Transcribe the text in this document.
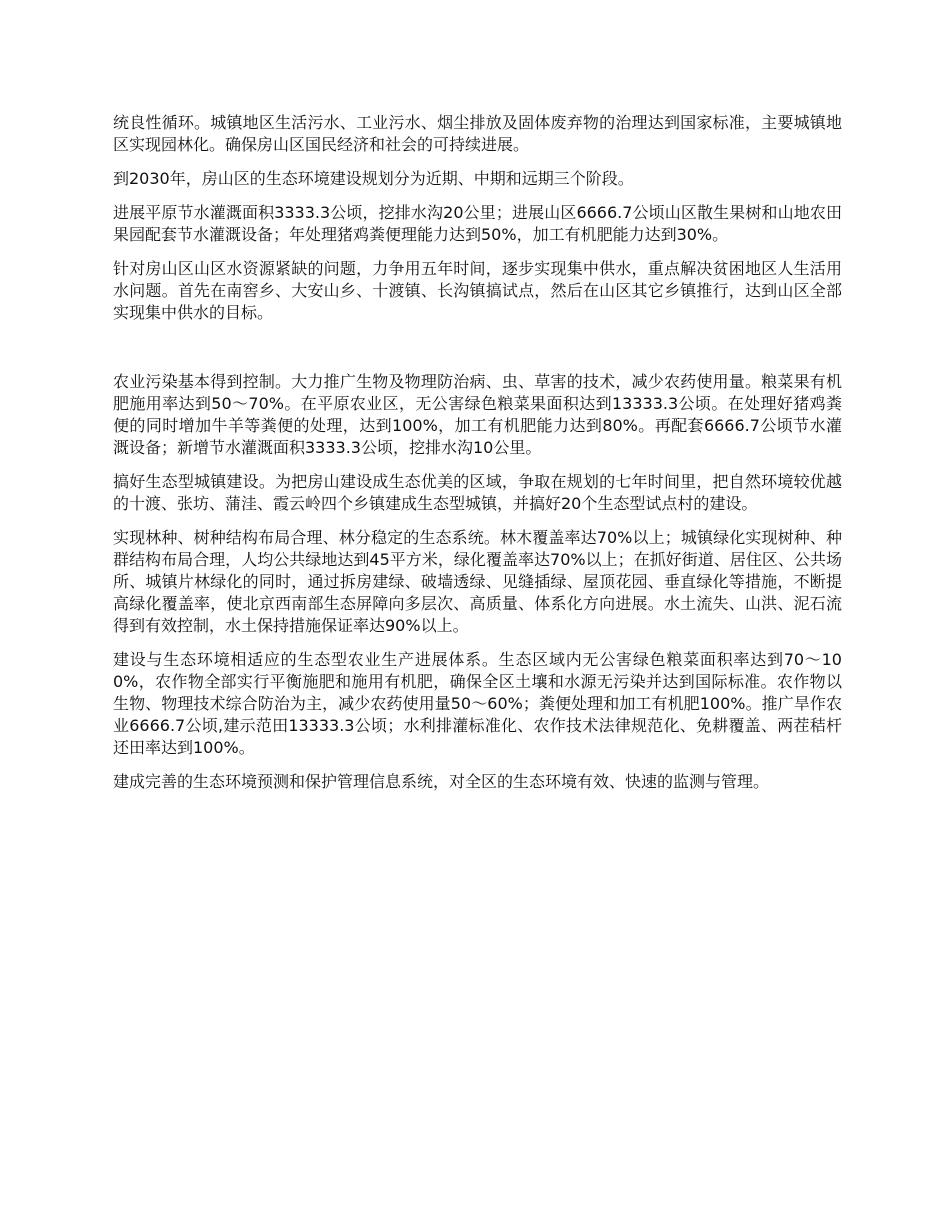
统良性循环。城镇地区生活污水、工业污水、烟尘排放及固体废弃物的治理达到国家标准，主要城镇地区实现园林化。确保房山区国民经济和社会的可持续进展。

到2030年，房山区的生态环境建设规划分为近期、中期和远期三个阶段。

进展平原节水灌溉面积3333.3公顷，挖排水沟20公里；进展山区6666.7公顷山区散生果树和山地农田果园配套节水灌溉设备；年处理猪鸡粪便理能力达到50%，加工有机肥能力达到30%。

针对房山区山区水资源紧缺的问题，力争用五年时间，逐步实现集中供水，重点解决贫困地区人生活用水问题。首先在南窖乡、大安山乡、十渡镇、长沟镇搞试点，然后在山区其它乡镇推行，达到山区全部实现集中供水的目标。

农业污染基本得到控制。大力推广生物及物理防治病、虫、草害的技术，减少农药使用量。粮菜果有机肥施用率达到50～70%。在平原农业区，无公害绿色粮菜果面积达到13333.3公顷。在处理好猪鸡粪便的同时增加牛羊等粪便的处理，达到100%，加工有机肥能力达到80%。再配套6666.7公顷节水灌溉设备；新增节水灌溉面积3333.3公顷，挖排水沟10公里。

搞好生态型城镇建设。为把房山建设成生态优美的区域，争取在规划的七年时间里，把自然环境较优越的十渡、张坊、蒲洼、霞云岭四个乡镇建成生态型城镇，并搞好20个生态型试点村的建设。

实现林种、树种结构布局合理、林分稳定的生态系统。林木覆盖率达70%以上；城镇绿化实现树种、种群结构布局合理，人均公共绿地达到45平方米，绿化覆盖率达70%以上；在抓好街道、居住区、公共场所、城镇片林绿化的同时，通过拆房建绿、破墙透绿、见缝插绿、屋顶花园、垂直绿化等措施，不断提高绿化覆盖率，使北京西南部生态屏障向多层次、高质量、体系化方向进展。水土流失、山洪、泥石流得到有效控制，水土保持措施保证率达90%以上。

建设与生态环境相适应的生态型农业生产进展体系。生态区域内无公害绿色粮菜面积率达到70～100%，农作物全部实行平衡施肥和施用有机肥，确保全区土壤和水源无污染并达到国际标准。农作物以生物、物理技术综合防治为主，减少农药使用量50～60%；粪便处理和加工有机肥100%。推广旱作农业6666.7公顷,建示范田13333.3公顷；水利排灌标准化、农作技术法律规范化、免耕覆盖、两茬秸杆还田率达到100%。

建成完善的生态环境预测和保护管理信息系统，对全区的生态环境有效、快速的监测与管理。
